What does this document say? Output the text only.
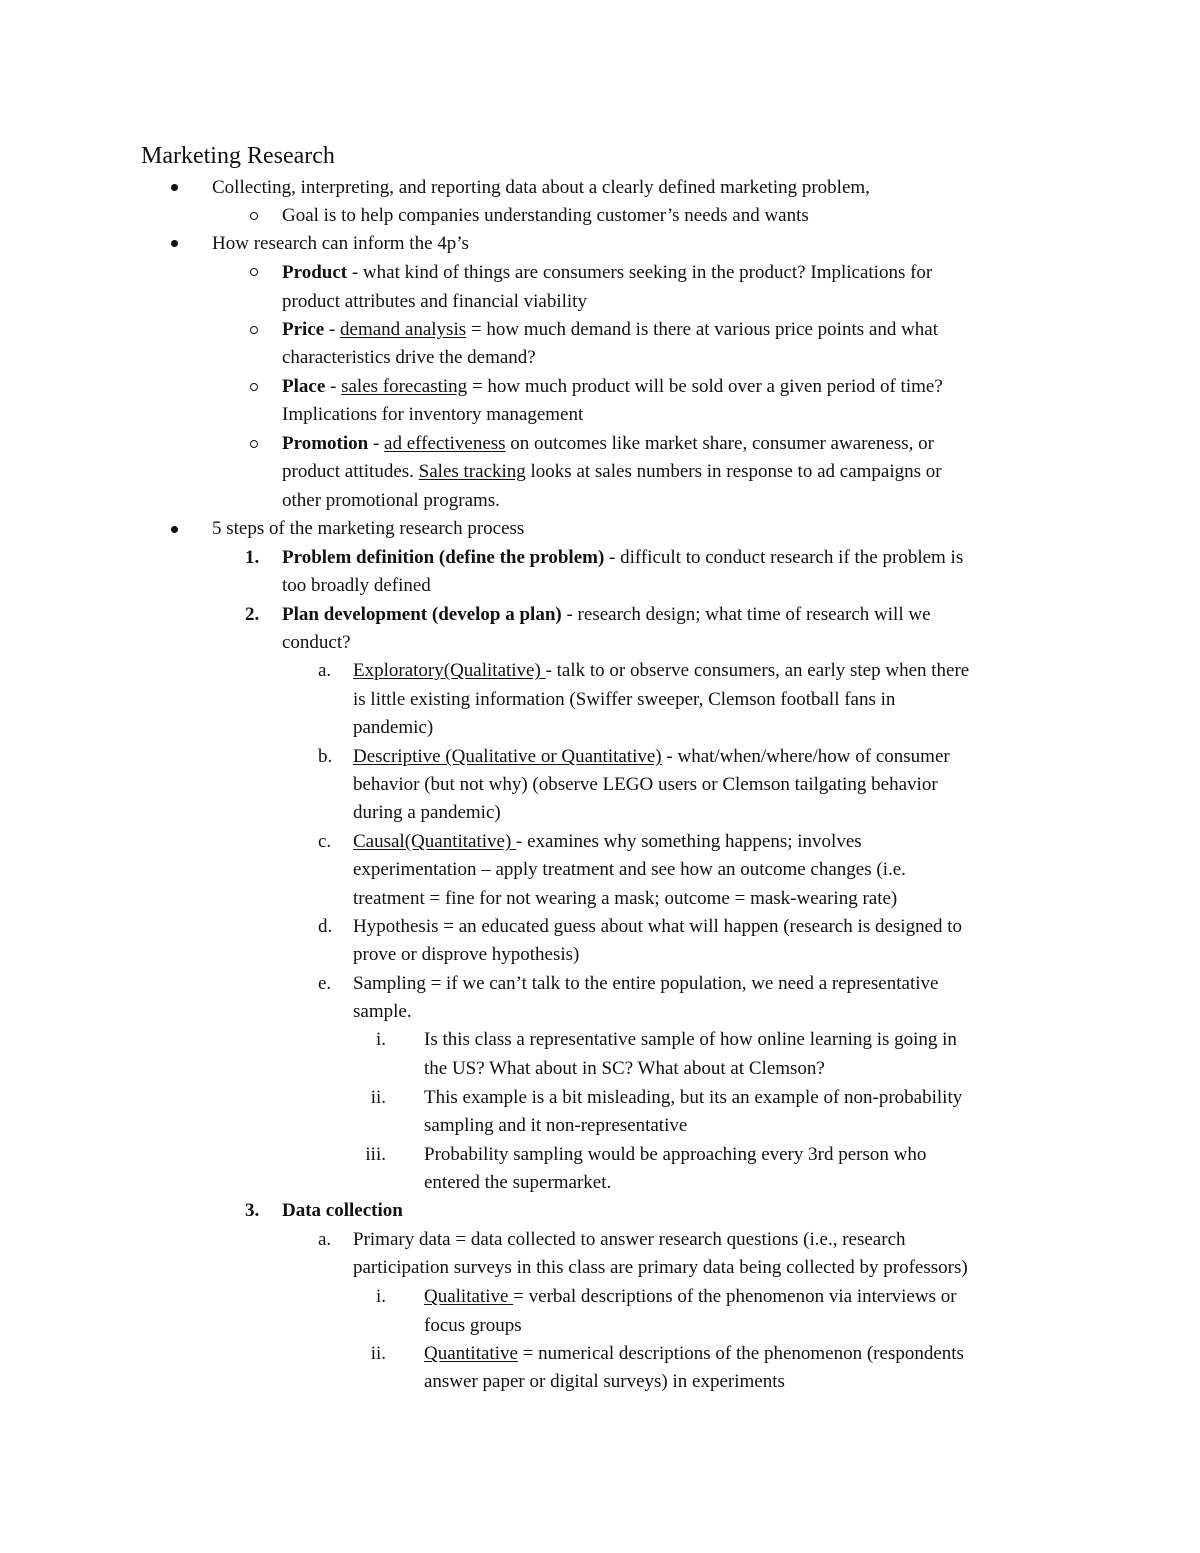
Marketing Research
Collecting, interpreting, and reporting data about a clearly defined marketing problem,
Goal is to help companies understanding customer’s needs and wants
How research can inform the 4p’s
Product - what kind of things are consumers seeking in the product? Implications for
product attributes and financial viability
Price - demand analysis = how much demand is there at various price points and what
characteristics drive the demand?
Place - sales forecasting = how much product will be sold over a given period of time?
Implications for inventory management
Promotion - ad effectiveness on outcomes like market share, consumer awareness, or
product attitudes. Sales tracking looks at sales numbers in response to ad campaigns or
other promotional programs.
5 steps of the marketing research process
1. Problem definition (define the problem) - difficult to conduct research if the problem is
too broadly defined
2. Plan development (develop a plan) - research design; what time of research will we
conduct?
a. Exploratory(Qualitative) - talk to or observe consumers, an early step when there
is little existing information (Swiffer sweeper, Clemson football fans in
pandemic)
b. Descriptive (Qualitative or Quantitative) - what/when/where/how of consumer
behavior (but not why) (observe LEGO users or Clemson tailgating behavior
during a pandemic)
c. Causal(Quantitative) - examines why something happens; involves
experimentation – apply treatment and see how an outcome changes (i.e.
treatment = fine for not wearing a mask; outcome = mask-wearing rate)
d. Hypothesis = an educated guess about what will happen (research is designed to
prove or disprove hypothesis)
e. Sampling = if we can’t talk to the entire population, we need a representative
sample.
i. Is this class a representative sample of how online learning is going in
the US? What about in SC? What about at Clemson?
ii. This example is a bit misleading, but its an example of non-probability
sampling and it non-representative
iii. Probability sampling would be approaching every 3rd person who
entered the supermarket.
3. Data collection
a. Primary data = data collected to answer research questions (i.e., research
participation surveys in this class are primary data being collected by professors)
i. Qualitative = verbal descriptions of the phenomenon via interviews or
focus groups
ii. Quantitative = numerical descriptions of the phenomenon (respondents
answer paper or digital surveys) in experiments
